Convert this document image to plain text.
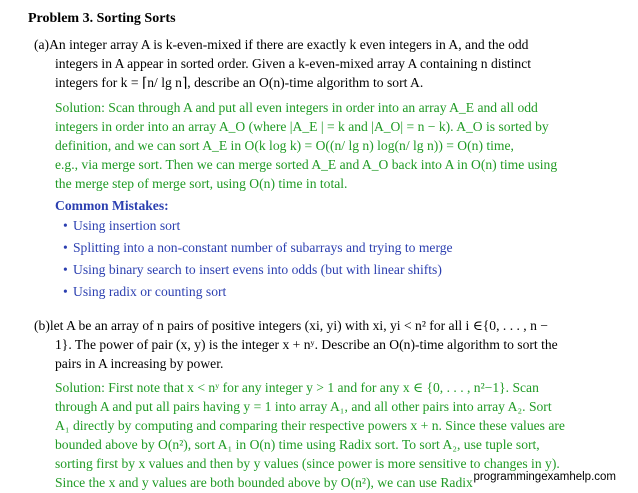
Problem 3. Sorting Sorts
(a)An integer array A is k-even-mixed if there are exactly k even integers in A, and the odd
integers in A appear in sorted order. Given a k-even-mixed array A containing n distinct
integers for k = ⌈n/ lg n⌉, describe an O(n)-time algorithm to sort A.
Solution: Scan through A and put all even integers in order into an array A_E and all odd
integers in order into an array A_O (where |A_E | = k and |A_O| = n − k). A_O is sorted by
definition, and we can sort A_E in O(k log k) = O((n/ lg n) log(n/ lg n)) = O(n) time,
e.g., via merge sort. Then we can merge sorted A_E and A_O back into A in O(n) time using
the merge step of merge sort, using O(n) time in total.
Common Mistakes:
• Using insertion sort
• Splitting into a non-constant number of subarrays and trying to merge
• Using binary search to insert evens into odds (but with linear shifts)
• Using radix or counting sort
(b)let A be an array of n pairs of positive integers (xi, yi) with xi, yi < n² for all i ∈{0, . . . , n −
1}. The power of pair (x, y) is the integer x + nʸ. Describe an O(n)-time algorithm to sort the
pairs in A increasing by power.
Solution: First note that x < nʸ for any integer y > 1 and for any x ∈ {0, . . . , n²−1}. Scan
through A and put all pairs having y = 1 into array A₁, and all other pairs into array A₂. Sort
A₁ directly by computing and comparing their respective powers x + n. Since these values are
bounded above by O(n²), sort A₁ in O(n) time using Radix sort. To sort A₂, use tuple sort,
sorting first by x values and then by y values (since power is more sensitive to changes in y).
Since the x and y values are both bounded above by O(n²), we can use Radix programmingexamhelp.com
